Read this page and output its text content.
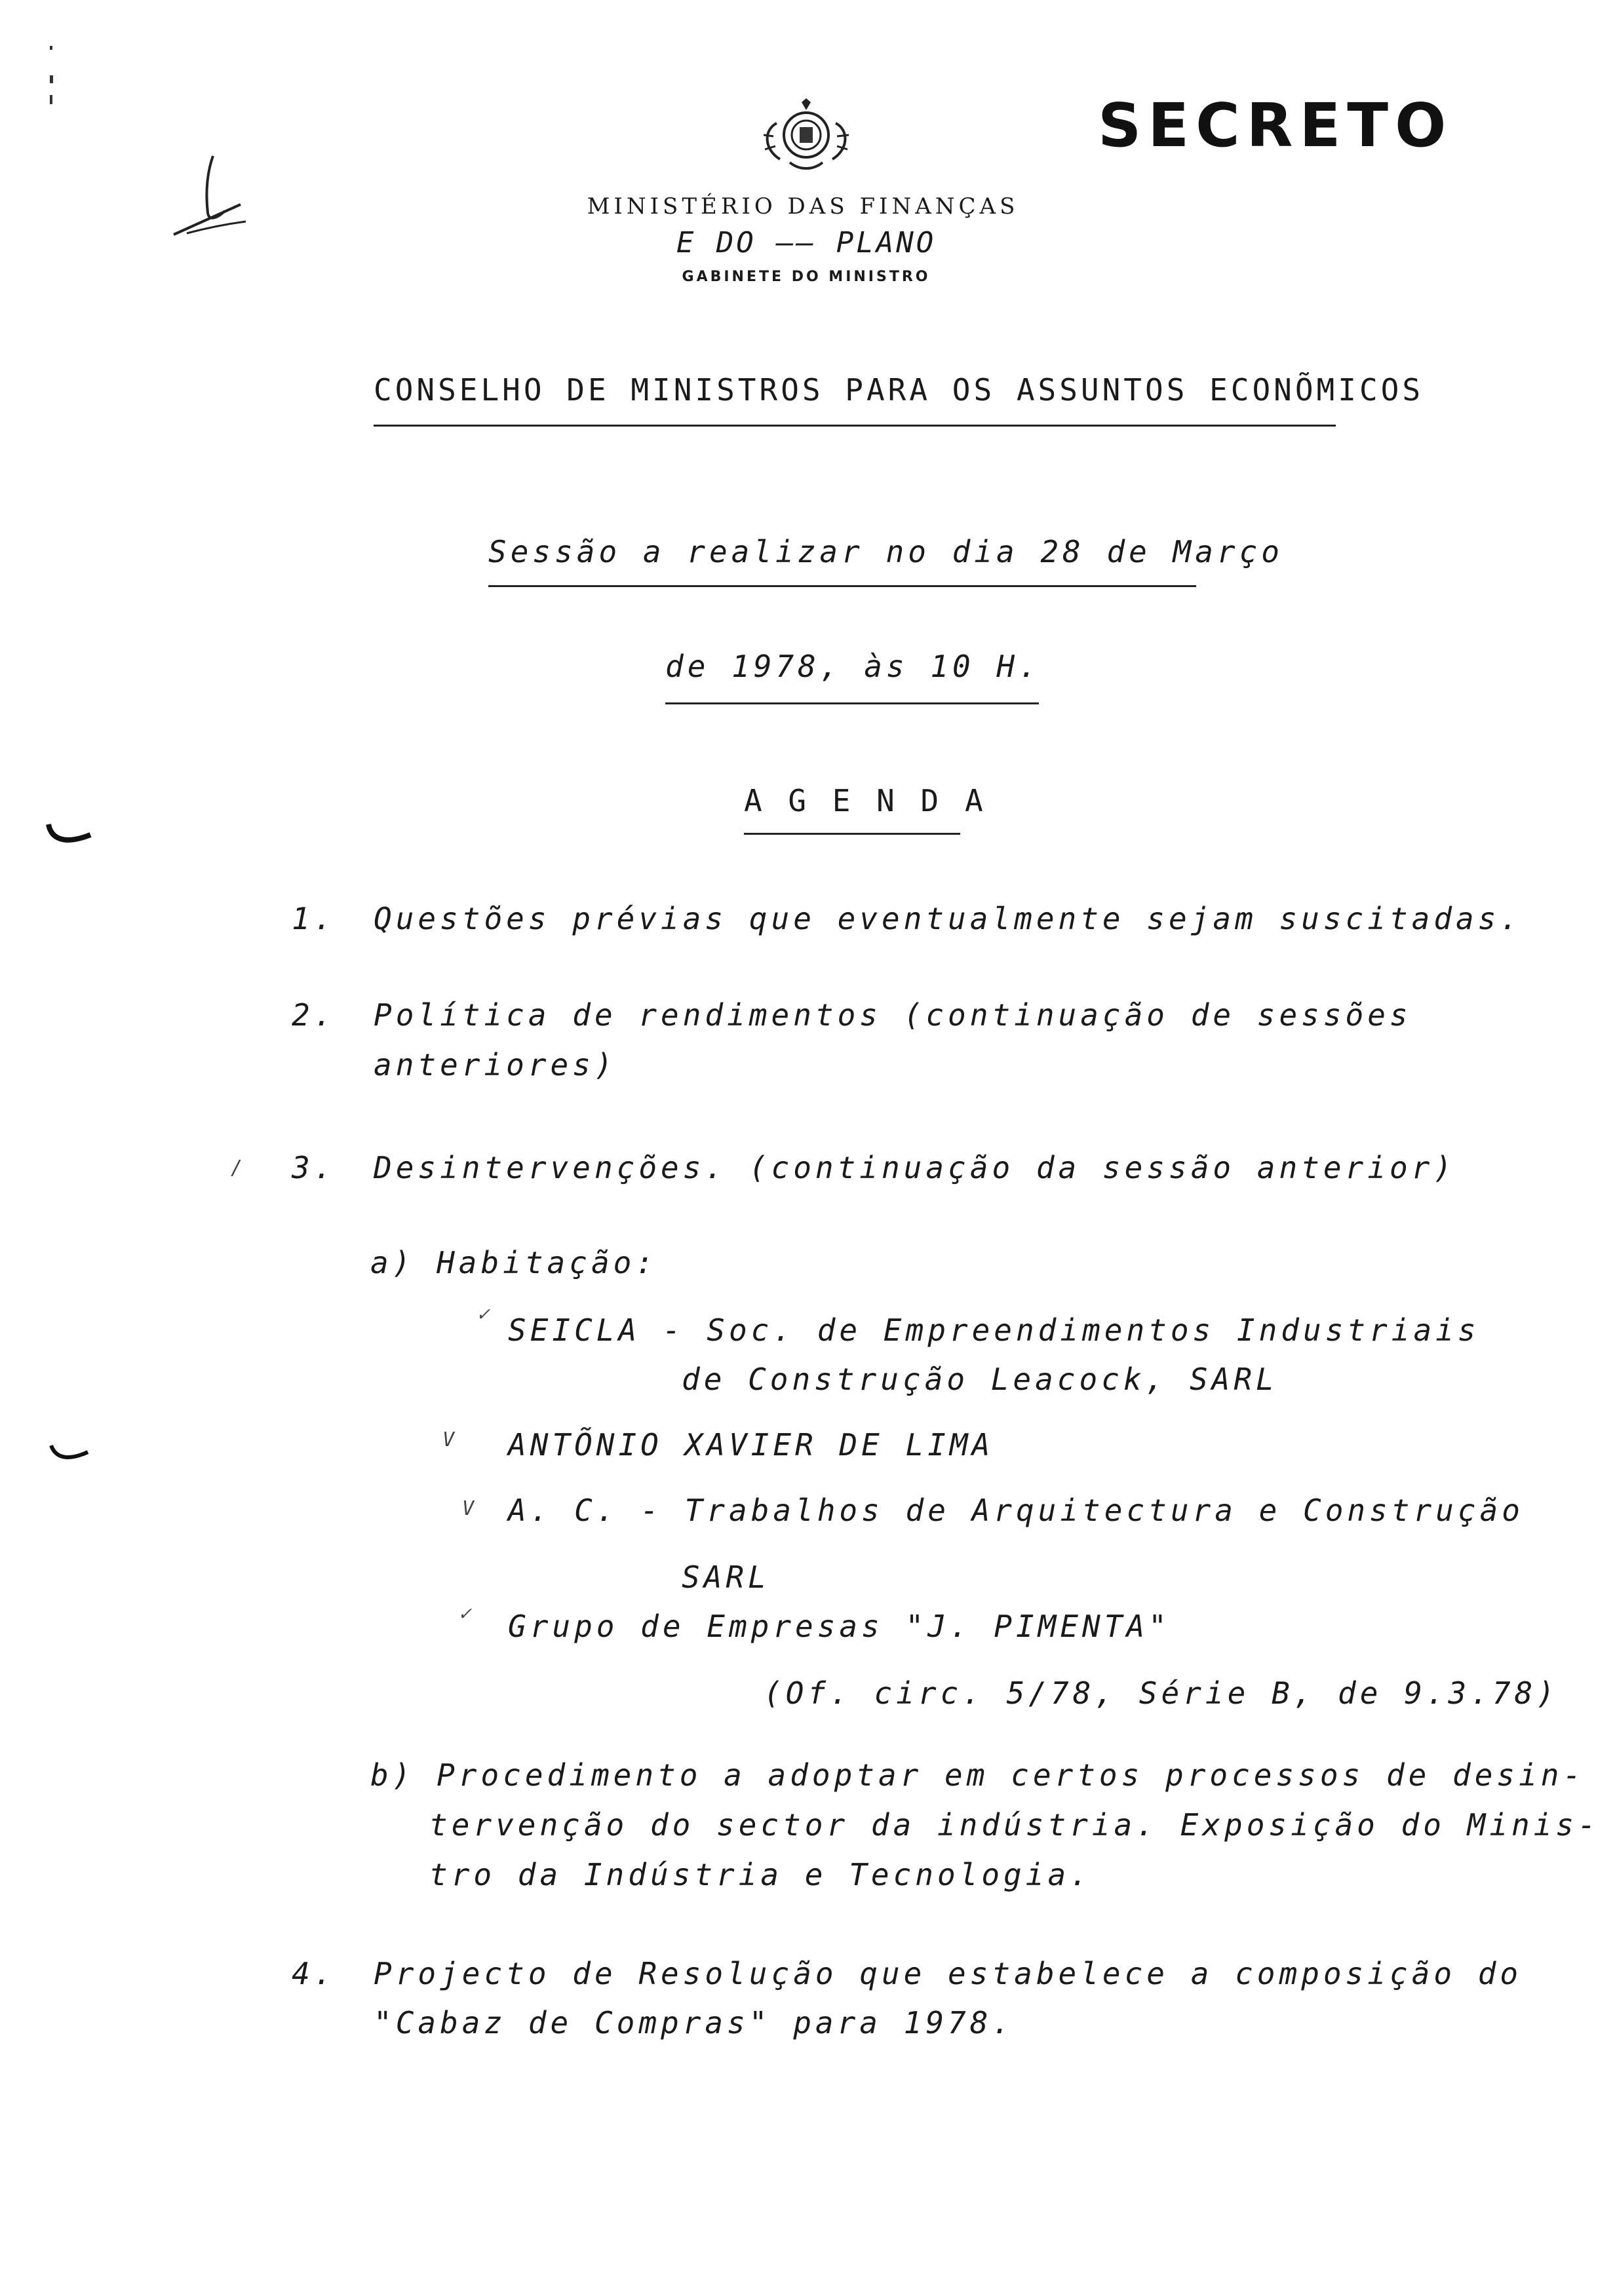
SECRETO
MINISTÉRIO DAS FINANÇAS
E DO —— PLANO
GABINETE DO MINISTRO
CONSELHO DE MINISTROS PARA OS ASSUNTOS ECONÕMICOS
Sessão a realizar no dia 28 de Março
de 1978, às 10 H.
A G E N D A
1. Questões prévias que eventualmente sejam suscitadas.
2. Política de rendimentos (continuação de sessões
anteriores)
/ 3. Desintervenções. (continuação da sessão anterior)
a) Habitação:
✓ SEICLA - Soc. de Empreendimentos Industriais
de Construção Leacock, SARL
V ANTÕNIO XAVIER DE LIMA
V A. C. - Trabalhos de Arquitectura e Construção
SARL
✓ Grupo de Empresas "J. PIMENTA"
(Of. circ. 5/78, Série B, de 9.3.78)
b) Procedimento a adoptar em certos processos de desin-
tervenção do sector da indústria. Exposição do Minis-
tro da Indústria e Tecnologia.
4. Projecto de Resolução que estabelece a composição do
"Cabaz de Compras" para 1978.
